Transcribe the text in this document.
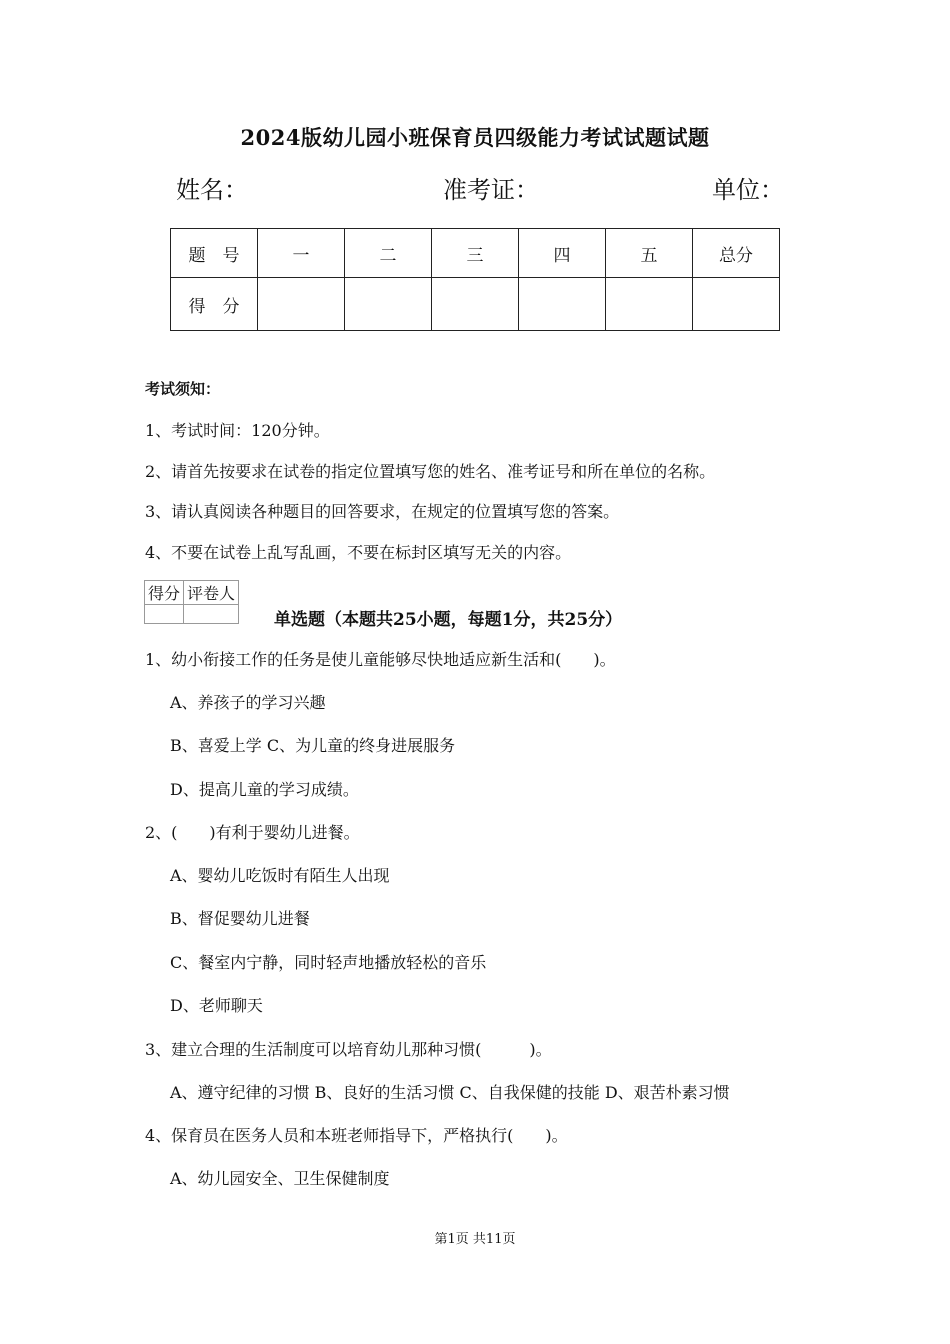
2024版幼儿园小班保育员四级能力考试试题试题
姓名：	准考证：	单位：
题　号	一	二	三	四	五	总分
得　分						
考试须知：
1、考试时间：120分钟。
2、请首先按要求在试卷的指定位置填写您的姓名、准考证号和所在单位的名称。
3、请认真阅读各种题目的回答要求，在规定的位置填写您的答案。
4、不要在试卷上乱写乱画，不要在标封区填写无关的内容。
得分	评卷人

单选题（本题共25小题，每题1分，共25分）
1、幼小衔接工作的任务是使儿童能够尽快地适应新生活和(　　)。
A、养孩子的学习兴趣
B、喜爱上学 C、为儿童的终身进展服务
D、提高儿童的学习成绩。
2、(　　)有利于婴幼儿进餐。
A、婴幼儿吃饭时有陌生人出现
B、督促婴幼儿进餐
C、餐室内宁静，同时轻声地播放轻松的音乐
D、老师聊天
3、建立合理的生活制度可以培育幼儿那种习惯(　　　)。
A、遵守纪律的习惯 B、良好的生活习惯 C、自我保健的技能 D、艰苦朴素习惯
4、保育员在医务人员和本班老师指导下，严格执行(　　)。
A、幼儿园安全、卫生保健制度
第1页 共11页
